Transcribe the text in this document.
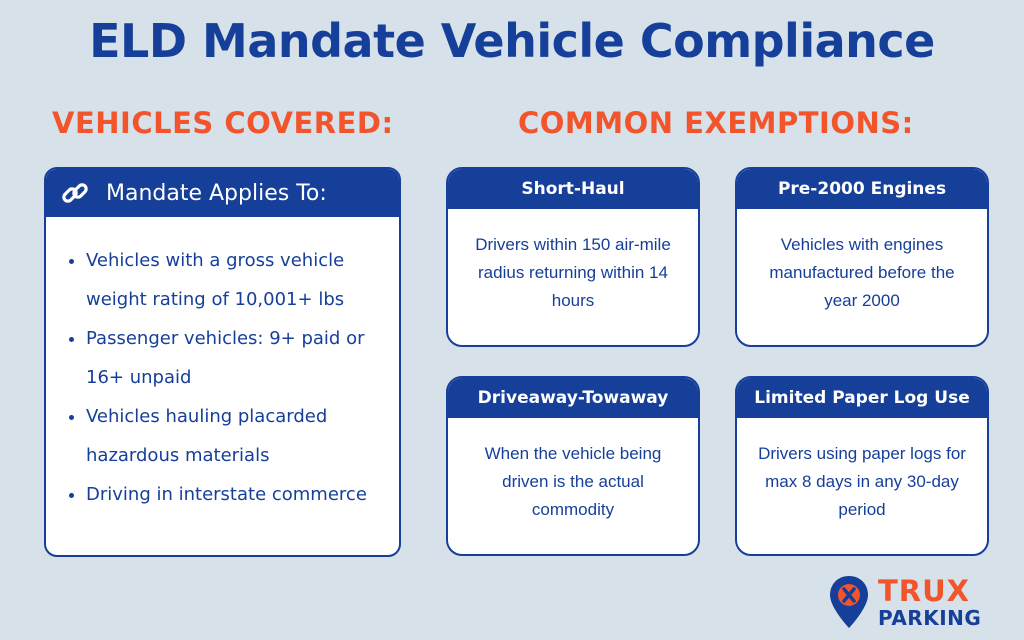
ELD Mandate Vehicle Compliance
VEHICLES COVERED:	COMMON EXEMPTIONS:
Mandate Applies To:
• Vehicles with a gross vehicle weight rating of 10,001+ lbs
• Passenger vehicles: 9+ paid or 16+ unpaid
• Vehicles hauling placarded hazardous materials
• Driving in interstate commerce
Short-Haul
Drivers within 150 air-mile radius returning within 14 hours
Pre-2000 Engines
Vehicles with engines manufactured before the year 2000
Driveaway-Towaway
When the vehicle being driven is the actual commodity
Limited Paper Log Use
Drivers using paper logs for max 8 days in any 30-day period
TRUX
PARKING
